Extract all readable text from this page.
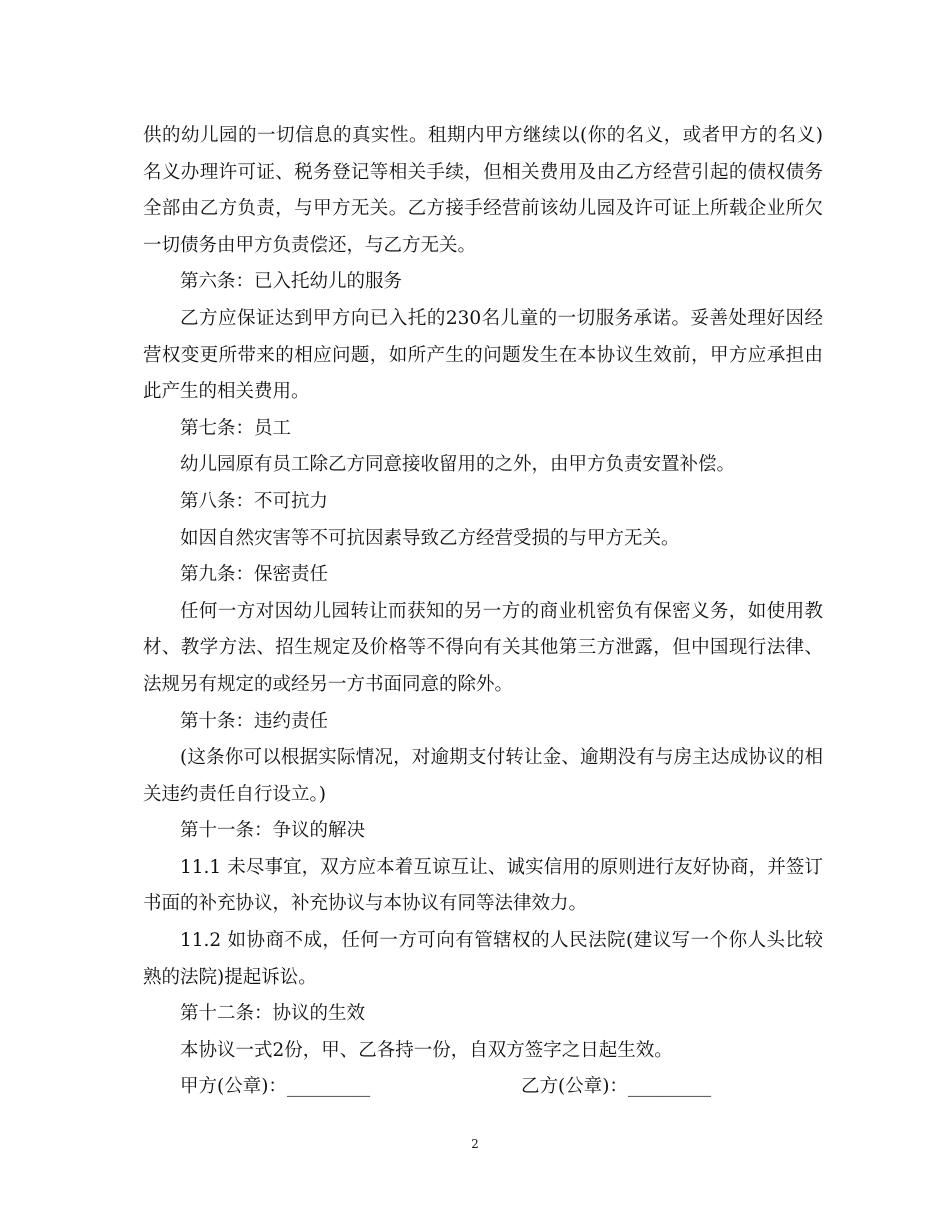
供的幼儿园的一切信息的真实性。租期内甲方继续以(你的名义，或者甲方的名义)名义办理许可证、税务登记等相关手续，但相关费用及由乙方经营引起的债权债务全部由乙方负责，与甲方无关。乙方接手经营前该幼儿园及许可证上所载企业所欠一切债务由甲方负责偿还，与乙方无关。

第六条：已入托幼儿的服务

乙方应保证达到甲方向已入托的230名儿童的一切服务承诺。妥善处理好因经营权变更所带来的相应问题，如所产生的问题发生在本协议生效前，甲方应承担由此产生的相关费用。

第七条：员工

幼儿园原有员工除乙方同意接收留用的之外，由甲方负责安置补偿。

第八条：不可抗力

如因自然灾害等不可抗因素导致乙方经营受损的与甲方无关。

第九条：保密责任

任何一方对因幼儿园转让而获知的另一方的商业机密负有保密义务，如使用教材、教学方法、招生规定及价格等不得向有关其他第三方泄露，但中国现行法律、法规另有规定的或经另一方书面同意的除外。

第十条：违约责任

(这条你可以根据实际情况，对逾期支付转让金、逾期没有与房主达成协议的相关违约责任自行设立。)

第十一条：争议的解决

11.1 未尽事宜，双方应本着互谅互让、诚实信用的原则进行友好协商，并签订书面的补充协议，补充协议与本协议有同等法律效力。

11.2 如协商不成，任何一方可向有管辖权的人民法院(建议写一个你人头比较熟的法院)提起诉讼。

第十二条：协议的生效

本协议一式2份，甲、乙各持一份，自双方签字之日起生效。

甲方(公章)：_________	乙方(公章)：_________
2
